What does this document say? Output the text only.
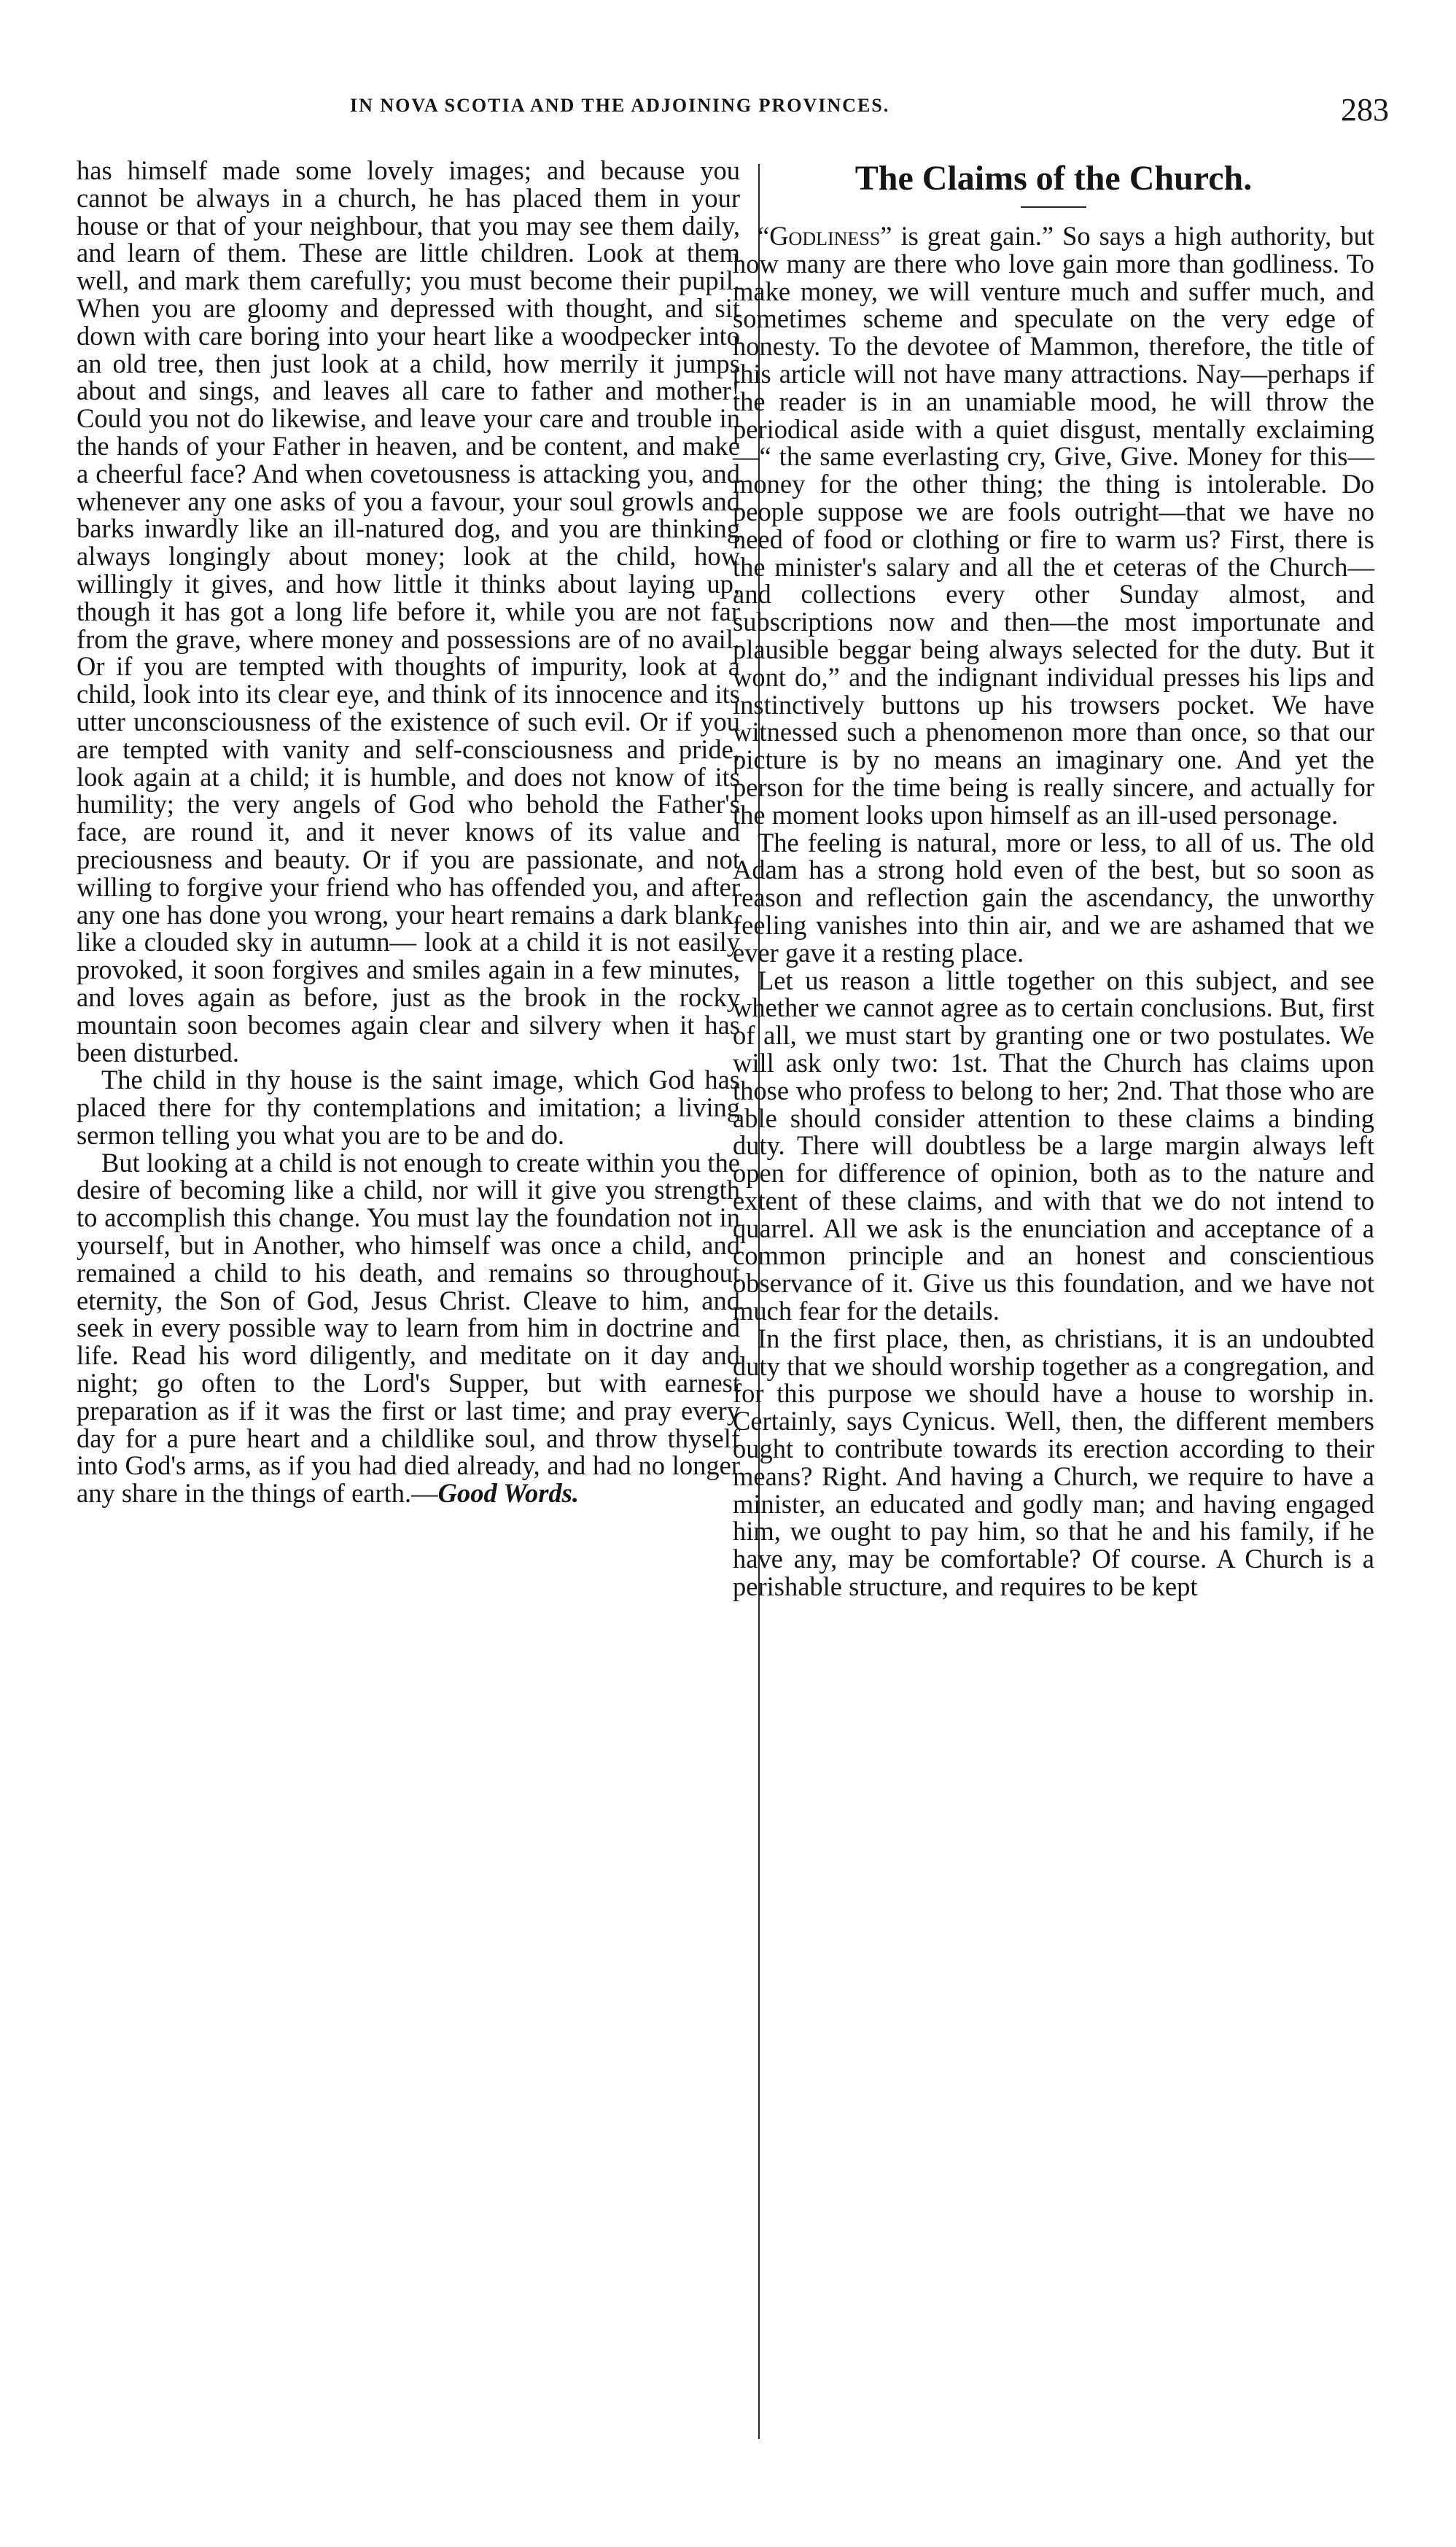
IN NOVA SCOTIA AND THE ADJOINING PROVINCES.	283

has himself made some lovely images; and because you cannot be always in a church, he has placed them in your house or that of your neighbour, that you may see them daily, and learn of them. These are little children. Look at them well, and mark them carefully; you must become their pupil. When you are gloomy and depressed with thought, and sit down with care boring into your heart like a woodpecker into an old tree, then just look at a child, how merrily it jumps about and sings, and leaves all care to father and mother! Could you not do likewise, and leave your care and trouble in the hands of your Father in heaven, and be content, and make a cheerful face? And when covetousness is attacking you, and whenever any one asks of you a favour, your soul growls and barks inwardly like an ill-natured dog, and you are thinking always longingly about money; look at the child, how willingly it gives, and how little it thinks about laying up, though it has got a long life before it, while you are not far from the grave, where money and possessions are of no avail. Or if you are tempted with thoughts of impurity, look at a child, look into its clear eye, and think of its innocence and its utter unconsciousness of the existence of such evil. Or if you are tempted with vanity and self-consciousness and pride, look again at a child; it is humble, and does not know of its humility; the very angels of God who behold the Father's face, are round it, and it never knows of its value and preciousness and beauty. Or if you are passionate, and not willing to forgive your friend who has offended you, and after any one has done you wrong, your heart remains a dark blank, like a clouded sky in autumn— look at a child it is not easily provoked, it soon forgives and smiles again in a few minutes, and loves again as before, just as the brook in the rocky mountain soon becomes again clear and silvery when it has been disturbed.

The child in thy house is the saint image, which God has placed there for thy contemplations and imitation; a living sermon telling you what you are to be and do.

But looking at a child is not enough to create within you the desire of becoming like a child, nor will it give you strength to accomplish this change. You must lay the foundation not in yourself, but in Another, who himself was once a child, and remained a child to his death, and remains so throughout eternity, the Son of God, Jesus Christ. Cleave to him, and seek in every possible way to learn from him in doctrine and life. Read his word diligently, and meditate on it day and night; go often to the Lord's Supper, but with earnest preparation as if it was the first or last time; and pray every day for a pure heart and a childlike soul, and throw thyself into God's arms, as if you had died already, and had no longer any share in the things of earth.—Good Words.

The Claims of the Church.

“Godliness” is great gain.” So says a high authority, but how many are there who love gain more than godliness. To make money, we will venture much and suffer much, and sometimes scheme and speculate on the very edge of honesty. To the devotee of Mammon, therefore, the title of this article will not have many attractions. Nay—perhaps if the reader is in an unamiable mood, he will throw the periodical aside with a quiet disgust, mentally exclaiming—“ the same everlasting cry, Give, Give. Money for this—money for the other thing; the thing is intolerable. Do people suppose we are fools outright—that we have no need of food or clothing or fire to warm us? First, there is the minister's salary and all the et ceteras of the Church—and collections every other Sunday almost, and subscriptions now and then—the most importunate and plausible beggar being always selected for the duty. But it wont do,” and the indignant individual presses his lips and instinctively buttons up his trowsers pocket. We have witnessed such a phenomenon more than once, so that our picture is by no means an imaginary one. And yet the person for the time being is really sincere, and actually for the moment looks upon himself as an ill-used personage.

The feeling is natural, more or less, to all of us. The old Adam has a strong hold even of the best, but so soon as reason and reflection gain the ascendancy, the unworthy feeling vanishes into thin air, and we are ashamed that we ever gave it a resting place.

Let us reason a little together on this subject, and see whether we cannot agree as to certain conclusions. But, first of all, we must start by granting one or two postulates. We will ask only two: 1st. That the Church has claims upon those who profess to belong to her; 2nd. That those who are able should consider attention to these claims a binding duty. There will doubtless be a large margin always left open for difference of opinion, both as to the nature and extent of these claims, and with that we do not intend to quarrel. All we ask is the enunciation and acceptance of a common principle and an honest and conscientious observance of it. Give us this foundation, and we have not much fear for the details.

In the first place, then, as christians, it is an undoubted duty that we should worship together as a congregation, and for this purpose we should have a house to worship in. Certainly, says Cynicus. Well, then, the different members ought to contribute towards its erection according to their means? Right. And having a Church, we require to have a minister, an educated and godly man; and having engaged him, we ought to pay him, so that he and his family, if he have any, may be comfortable? Of course. A Church is a perishable structure, and requires to be kept
